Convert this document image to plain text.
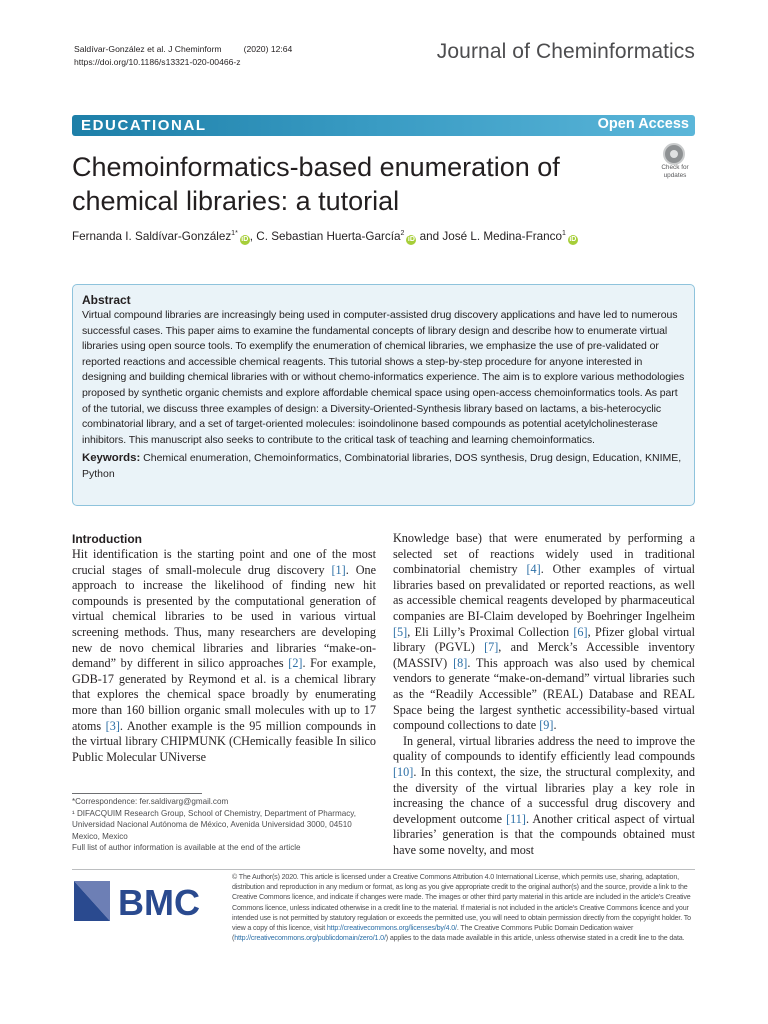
Saldívar-González et al. J Cheminform	(2020) 12:64
https://doi.org/10.1186/s13321-020-00466-z	Journal of Cheminformatics
EDUCATIONAL	Open Access
Chemoinformatics-based enumeration of chemical libraries: a tutorial
Check for
updates
Fernanda I. Saldívar-González$^{1*}$iD , C. Sebastian Huerta-García$^2$iD and José L. Medina-Franco$^1$iD
Abstract

Virtual compound libraries are increasingly being used in computer-assisted drug discovery applications and have led to numerous successful cases. This paper aims to examine the fundamental concepts of library design and describe how to enumerate virtual libraries using open source tools. To exemplify the enumeration of chemical libraries, we emphasize the use of pre-validated or reported reactions and accessible chemical reagents. This tutorial shows a step-by-step procedure for anyone interested in designing and building chemical libraries with or without chemo-informatics experience. The aim is to explore various methodologies proposed by synthetic organic chemists and explore affordable chemical space using open-access chemoinformatics tools. As part of the tutorial, we discuss three examples of design: a Diversity-Oriented-Synthesis library based on lactams, a bis-heterocyclic combinatorial library, and a set of target-oriented molecules: isoindolinone based compounds as potential acetylcholinesterase inhibitors. This manuscript also seeks to contribute to the critical task of teaching and learning chemoinformatics.

Keywords: Chemical enumeration, Chemoinformatics, Combinatorial libraries, DOS synthesis, Drug design, Education, KNIME, Python
Introduction

Hit identification is the starting point and one of the most crucial stages of small-molecule drug discovery [1]. One approach to increase the likelihood of finding new hit compounds is presented by the computational generation of virtual chemical libraries to be used in various virtual screening methods. Thus, many researchers are developing new de novo chemical libraries and libraries “make-on-demand” by different in silico approaches [2]. For example, GDB-17 generated by Reymond et al. is a chemical library that explores the chemical space broadly by enumerating more than 160 billion organic small molecules with up to 17 atoms [3]. Another example is the 95 million compounds in the virtual library CHIPMUNK (CHemically feasible In silico Public Molecular UNiverse

Knowledge base) that were enumerated by performing a selected set of reactions widely used in traditional combinatorial chemistry [4]. Other examples of virtual libraries based on prevalidated or reported reactions, as well as accessible chemical reagents developed by pharmaceutical companies are BI-Claim developed by Boehringer Ingelheim [5], Eli Lilly’s Proximal Collection [6], Pfizer global virtual library (PGVL) [7], and Merck’s Accessible inventory (MASSIV) [8]. This approach was also used by chemical vendors to generate “make-on-demand” virtual libraries such as the “Readily Accessible” (REAL) Database and REAL Space being the largest synthetic accessibility-based virtual compound collections to date [9].

In general, virtual libraries address the need to improve the quality of compounds to identify efficiently lead compounds [10]. In this context, the size, the structural complexity, and the diversity of the virtual libraries play a key role in increasing the chance of a successful drug discovery and development outcome [11]. Another critical aspect of virtual libraries’ generation is that the compounds obtained must have some novelty, and most

*Correspondence: fer.saldivarg@gmail.com
¹ DIFACQUIM Research Group, School of Chemistry, Department of Pharmacy, Universidad Nacional Autónoma de México, Avenida Universidad 3000, 04510 Mexico, Mexico
Full list of author information is available at the end of the article
BMC
© The Author(s) 2020. This article is licensed under a Creative Commons Attribution 4.0 International License, which permits use, sharing, adaptation, distribution and reproduction in any medium or format, as long as you give appropriate credit to the original author(s) and the source, provide a link to the Creative Commons licence, and indicate if changes were made. The images or other third party material in this article are included in the article’s Creative Commons licence, unless indicated otherwise in a credit line to the material. If material is not included in the article’s Creative Commons licence and your intended use is not permitted by statutory regulation or exceeds the permitted use, you will need to obtain permission directly from the copyright holder. To view a copy of this licence, visit http://creativecommons.org/licenses/by/4.0/. The Creative Commons Public Domain Dedication waiver (http://creativecommons.org/publicdomain/zero/1.0/) applies to the data made available in this article, unless otherwise stated in a credit line to the data.
